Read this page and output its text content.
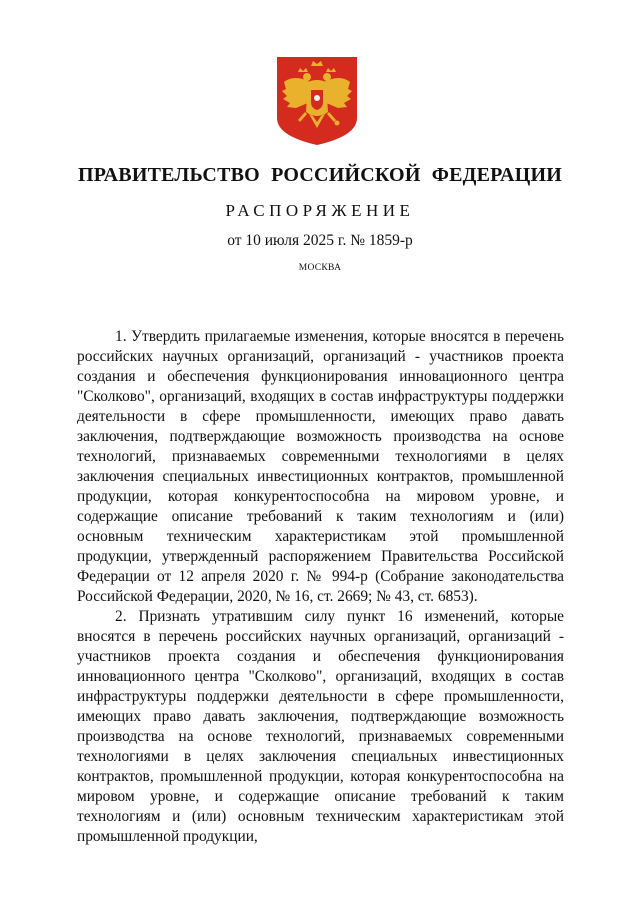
ПРАВИТЕЛЬСТВО РОССИЙСКОЙ ФЕДЕРАЦИИ
РАСПОРЯЖЕНИЕ
от 10 июля 2025 г. № 1859-р
МОСКВА

1. Утвердить прилагаемые изменения, которые вносятся в перечень российских научных организаций, организаций - участников проекта создания и обеспечения функционирования инновационного центра "Сколково", организаций, входящих в состав инфраструктуры поддержки деятельности в сфере промышленности, имеющих право давать заключения, подтверждающие возможность производства на основе технологий, признаваемых современными технологиями в целях заключения специальных инвестиционных контрактов, промышленной продукции, которая конкурентоспособна на мировом уровне, и содержащие описание требований к таким технологиям и (или) основным техническим характеристикам этой промышленной продукции, утвержденный распоряжением Правительства Российской Федерации от 12 апреля 2020 г. № 994-р (Собрание законодательства Российской Федерации, 2020, № 16, ст. 2669; № 43, ст. 6853).

2. Признать утратившим силу пункт 16 изменений, которые вносятся в перечень российских научных организаций, организаций - участников проекта создания и обеспечения функционирования инновационного центра "Сколково", организаций, входящих в состав инфраструктуры поддержки деятельности в сфере промышленности, имеющих право давать заключения, подтверждающие возможность производства на основе технологий, признаваемых современными технологиями в целях заключения специальных инвестиционных контрактов, промышленной продукции, которая конкурентоспособна на мировом уровне, и содержащие описание требований к таким технологиям и (или) основным техническим характеристикам этой промышленной продукции,
